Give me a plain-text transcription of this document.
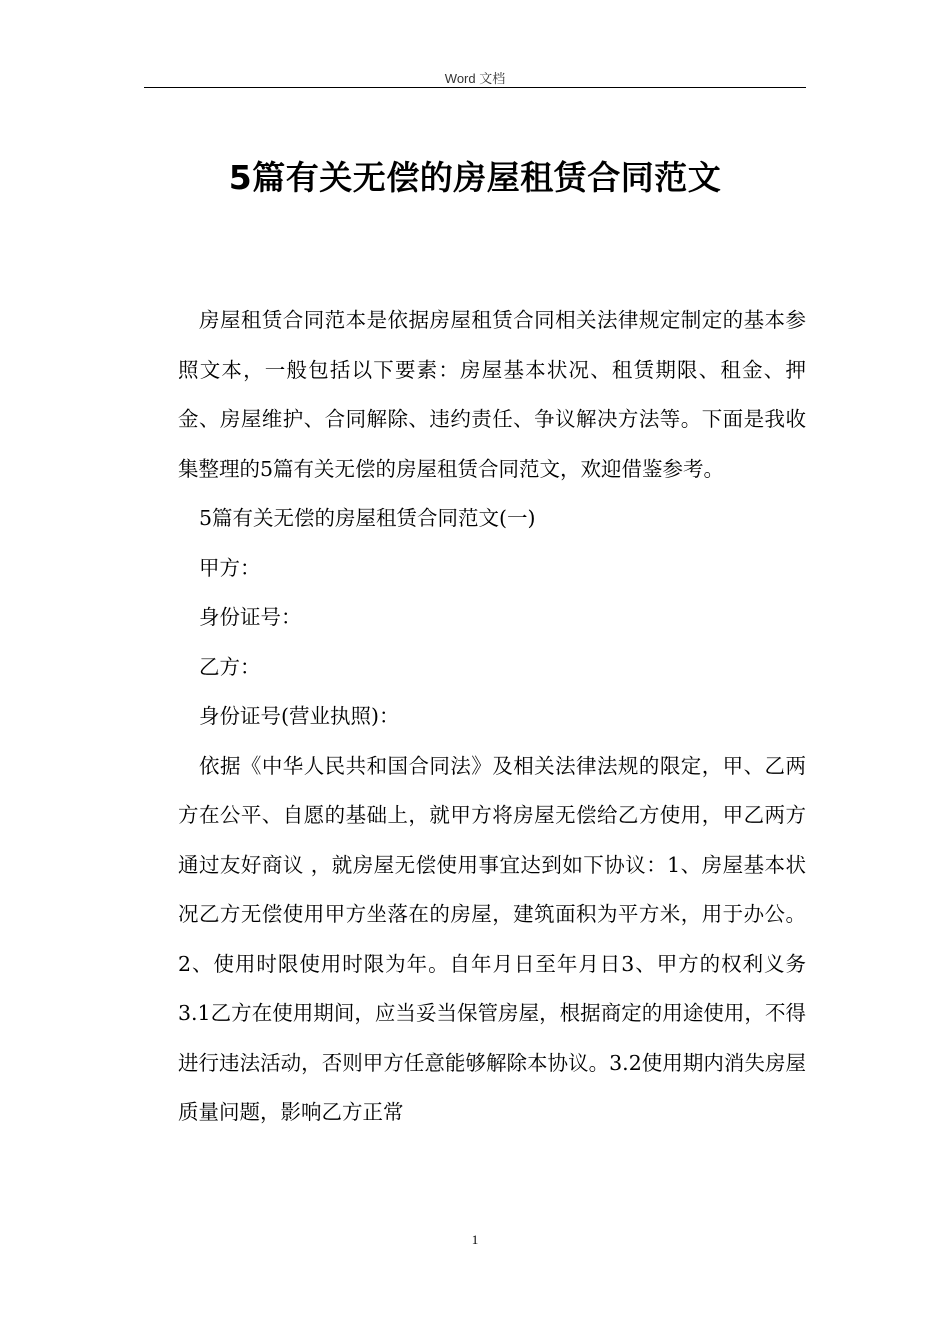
Word 文档
5篇有关无偿的房屋租赁合同范文

房屋租赁合同范本是依据房屋租赁合同相关法律规定制定的基本参照文本，一般包括以下要素：房屋基本状况、租赁期限、租金、押金、房屋维护、合同解除、违约责任、争议解决方法等。下面是我收集整理的5篇有关无偿的房屋租赁合同范文，欢迎借鉴参考。

5篇有关无偿的房屋租赁合同范文(一)

甲方：

身份证号：

乙方：

身份证号(营业执照)：

依据《中华人民共和国合同法》及相关法律法规的限定，甲、乙两方在公平、自愿的基础上，就甲方将房屋无偿给乙方使用，甲乙两方通过友好商议 ，就房屋无偿使用事宜达到如下协议：1、房屋基本状况乙方无偿使用甲方坐落在的房屋，建筑面积为平方米，用于办公。2、使用时限使用时限为年。自年月日至年月日3、甲方的权利义务3.1乙方在使用期间，应当妥当保管房屋，根据商定的用途使用，不得进行违法活动，否则甲方任意能够解除本协议。3.2使用期内消失房屋质量问题，影响乙方正常

1
